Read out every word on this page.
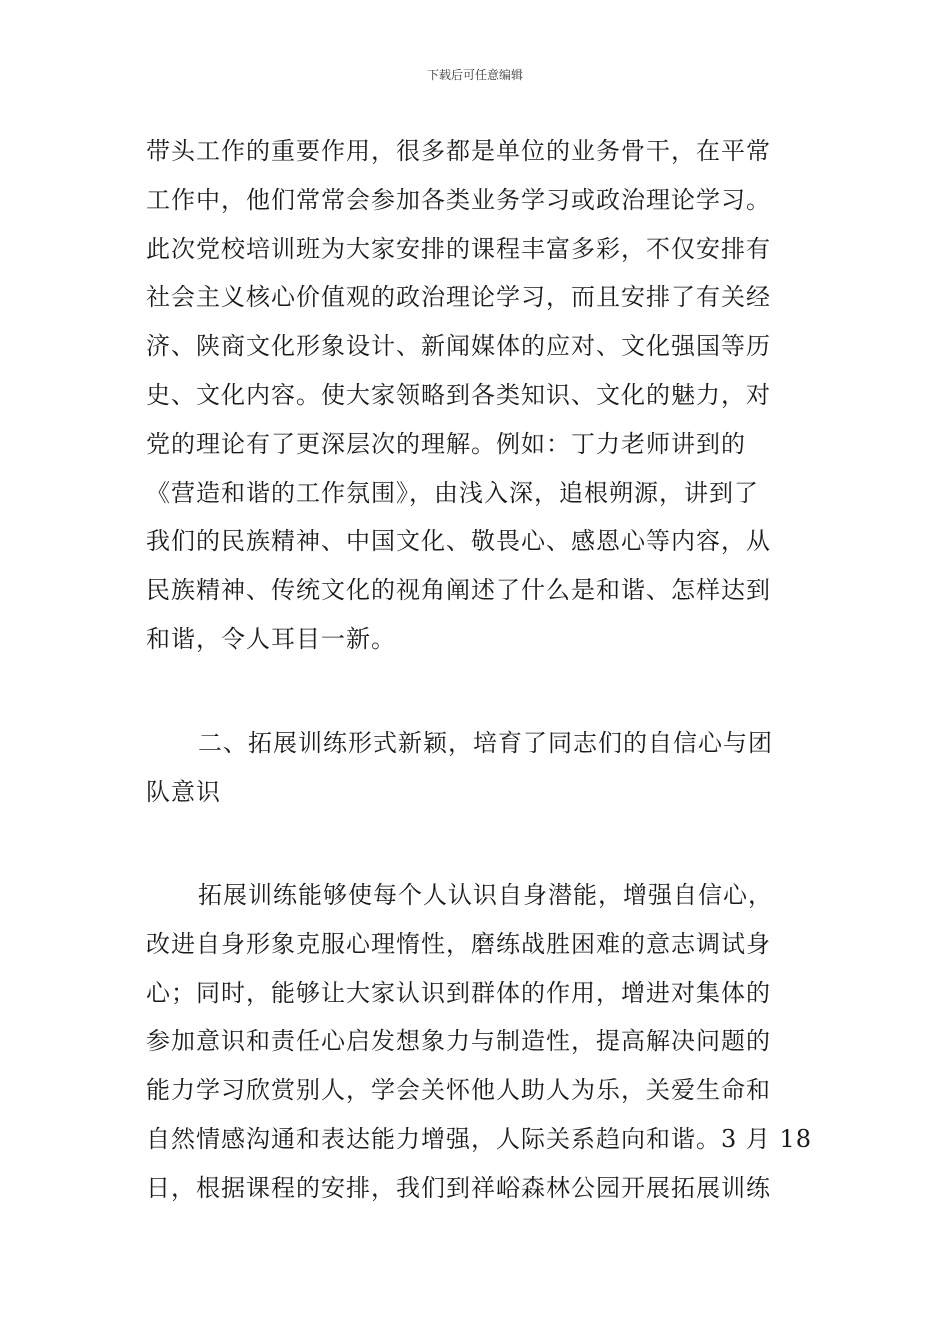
下载后可任意编辑
带头工作的重要作用，很多都是单位的业务骨干，在平常
工作中，他们常常会参加各类业务学习或政治理论学习。
此次党校培训班为大家安排的课程丰富多彩，不仅安排有
社会主义核心价值观的政治理论学习，而且安排了有关经
济、陕商文化形象设计、新闻媒体的应对、文化强国等历
史、文化内容。使大家领略到各类知识、文化的魅力，对
党的理论有了更深层次的理解。例如：丁力老师讲到的
《营造和谐的工作氛围》，由浅入深，追根朔源，讲到了
我们的民族精神、中国文化、敬畏心、感恩心等内容，从
民族精神、传统文化的视角阐述了什么是和谐、怎样达到
和谐，令人耳目一新。
二、拓展训练形式新颖，培育了同志们的自信心与团
队意识
拓展训练能够使每个人认识自身潜能，增强自信心，
改进自身形象克服心理惰性，磨练战胜困难的意志调试身
心；同时，能够让大家认识到群体的作用，增进对集体的
参加意识和责任心启发想象力与制造性，提高解决问题的
能力学习欣赏别人，学会关怀他人助人为乐，关爱生命和
自然情感沟通和表达能力增强，人际关系趋向和谐。3 月 18
日，根据课程的安排，我们到祥峪森林公园开展拓展训练
